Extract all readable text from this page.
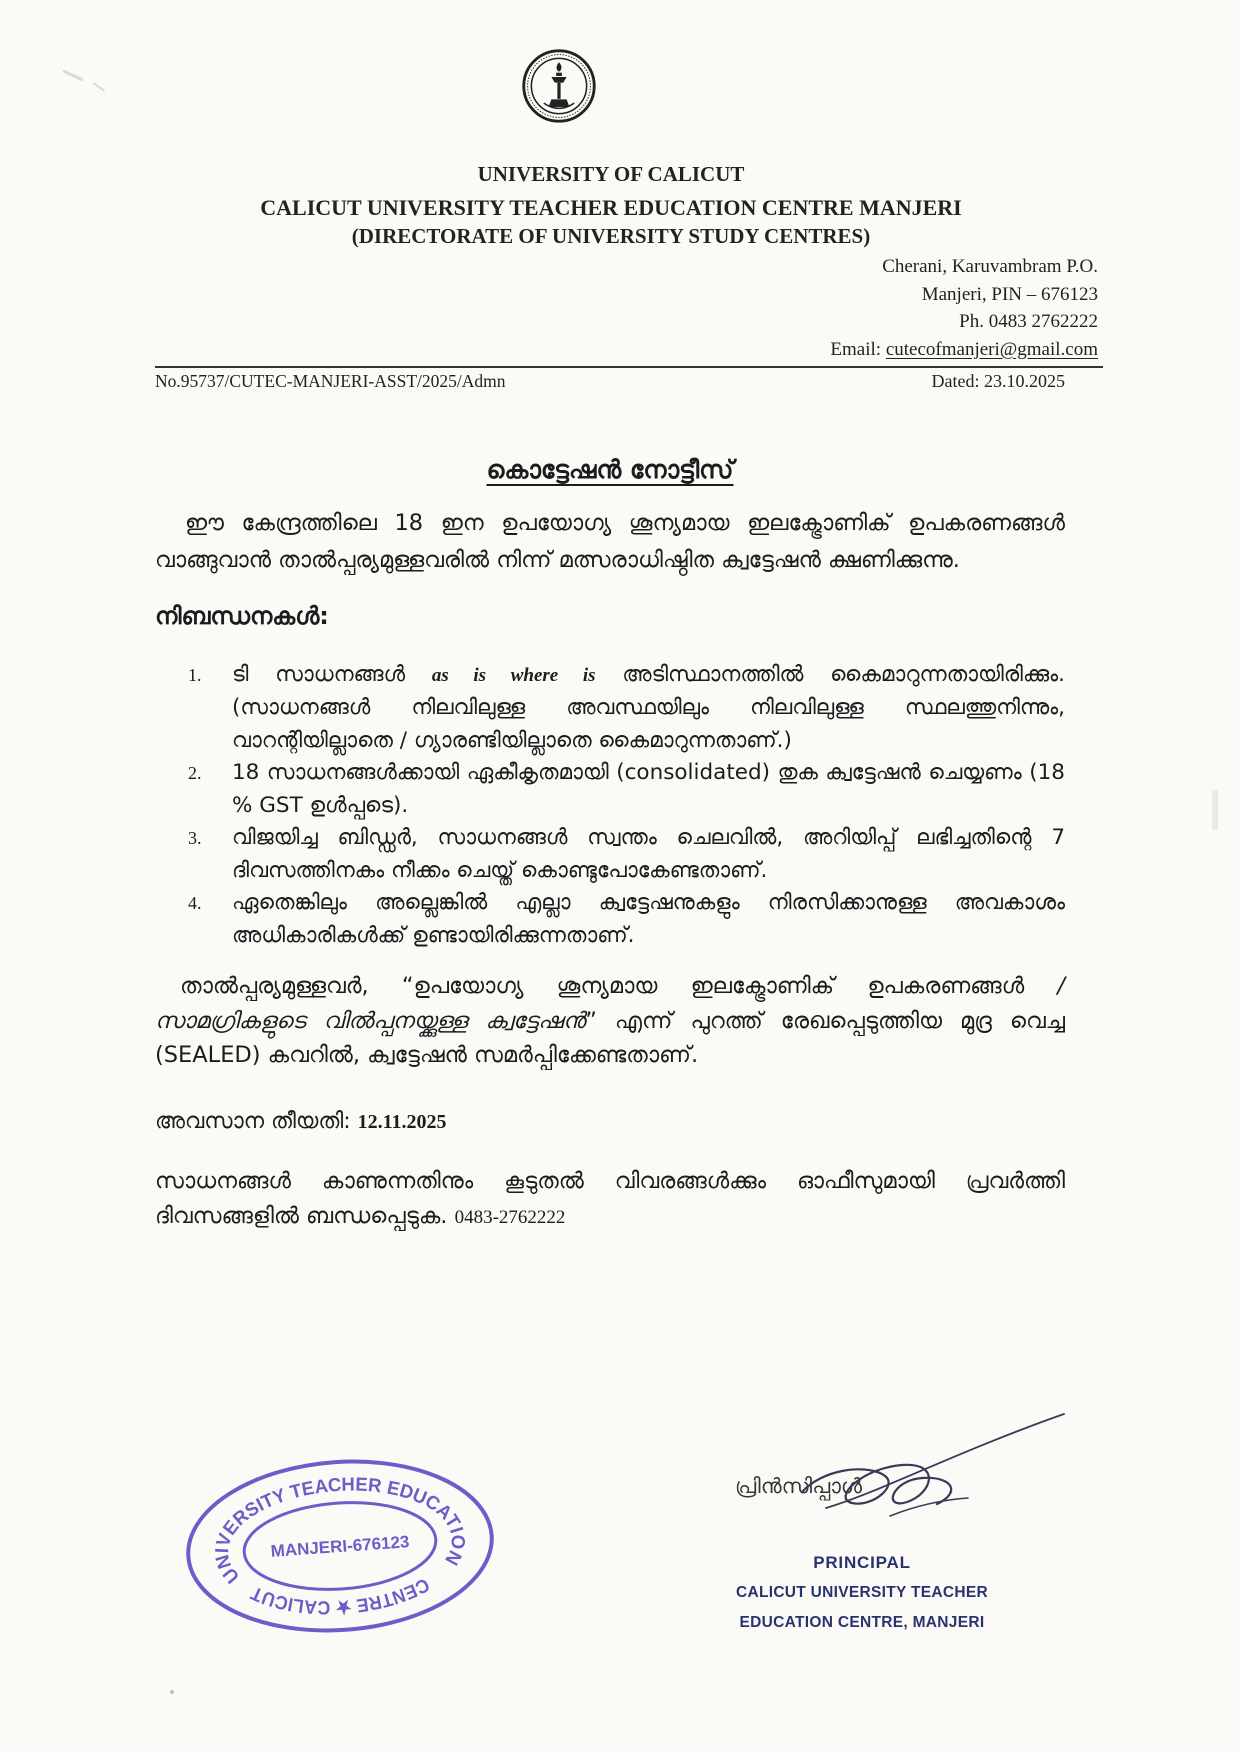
UNIVERSITY OF CALICUT
CALICUT UNIVERSITY TEACHER EDUCATION CENTRE MANJERI
(DIRECTORATE OF UNIVERSITY STUDY CENTRES)
Cherani, Karuvambram P.O.
Manjeri, PIN – 676123
Ph. 0483 2762222
Email: cutecofmanjeri@gmail.com
No.95737/CUTEC-MANJERI-ASST/2025/Admn	Dated: 23.10.2025
കൊട്ടേഷൻ നോട്ടീസ്

ഈ കേന്ദ്രത്തിലെ 18 ഇന ഉപയോഗ്യ ശൂന്യമായ ഇലക്ട്രോണിക് ഉപകരണങ്ങൾ വാങ്ങുവാൻ താൽപ്പര്യമുള്ളവരിൽ നിന്ന് മത്സരാധിഷ്ഠിത ക്വട്ടേഷൻ ക്ഷണിക്കുന്നു.

നിബന്ധനകൾ:
1.	ടി സാധനങ്ങൾ as is where is അടിസ്ഥാനത്തിൽ കൈമാറുന്നതായിരിക്കും. (സാധനങ്ങൾ നിലവിലുള്ള അവസ്ഥയിലും നിലവിലുള്ള സ്ഥലത്തുനിന്നും, വാറന്റിയില്ലാതെ / ഗ്യാരണ്ടിയില്ലാതെ കൈമാറുന്നതാണ്.)
2.	18 സാധനങ്ങൾക്കായി ഏകീകൃതമായി (consolidated) തുക ക്വട്ടേഷൻ ചെയ്യണം (18 % GST ഉൾപ്പടെ).
3.	വിജയിച്ച ബിഡ്ഡർ, സാധനങ്ങൾ സ്വന്തം ചെലവിൽ, അറിയിപ്പ് ലഭിച്ചതിന്റെ 7 ദിവസത്തിനകം നീക്കം ചെയ്ത് കൊണ്ടുപോകേണ്ടതാണ്.
4.	ഏതെങ്കിലും അല്ലെങ്കിൽ എല്ലാ ക്വട്ടേഷനുകളും നിരസിക്കാനുള്ള അവകാശം അധികാരികൾക്ക് ഉണ്ടായിരിക്കുന്നതാണ്.

താൽപ്പര്യമുള്ളവർ, “ഉപയോഗ്യ ശൂന്യമായ ഇലക്ട്രോണിക് ഉപകരണങ്ങൾ / സാമഗ്രികളുടെ വിൽപ്പനയ്ക്കുള്ള ക്വട്ടേഷൻ” എന്ന് പുറത്ത് രേഖപ്പെടുത്തിയ മുദ്ര വെച്ച (SEALED) കവറിൽ, ക്വട്ടേഷൻ സമർപ്പിക്കേണ്ടതാണ്.

അവസാന തീയതി: 12.11.2025

സാധനങ്ങൾ കാണുന്നതിനും കൂടുതൽ വിവരങ്ങൾക്കും ഓഫീസുമായി പ്രവർത്തി ദിവസങ്ങളിൽ ബന്ധപ്പെടുക. 0483-2762222

UNIVERSITY TEACHER EDUCATION
CENTRE ★ CALICUT
MANJERI-676123
പ്രിൻസിപ്പാൾ
PRINCIPAL
CALICUT UNIVERSITY TEACHER
EDUCATION CENTRE, MANJERI
